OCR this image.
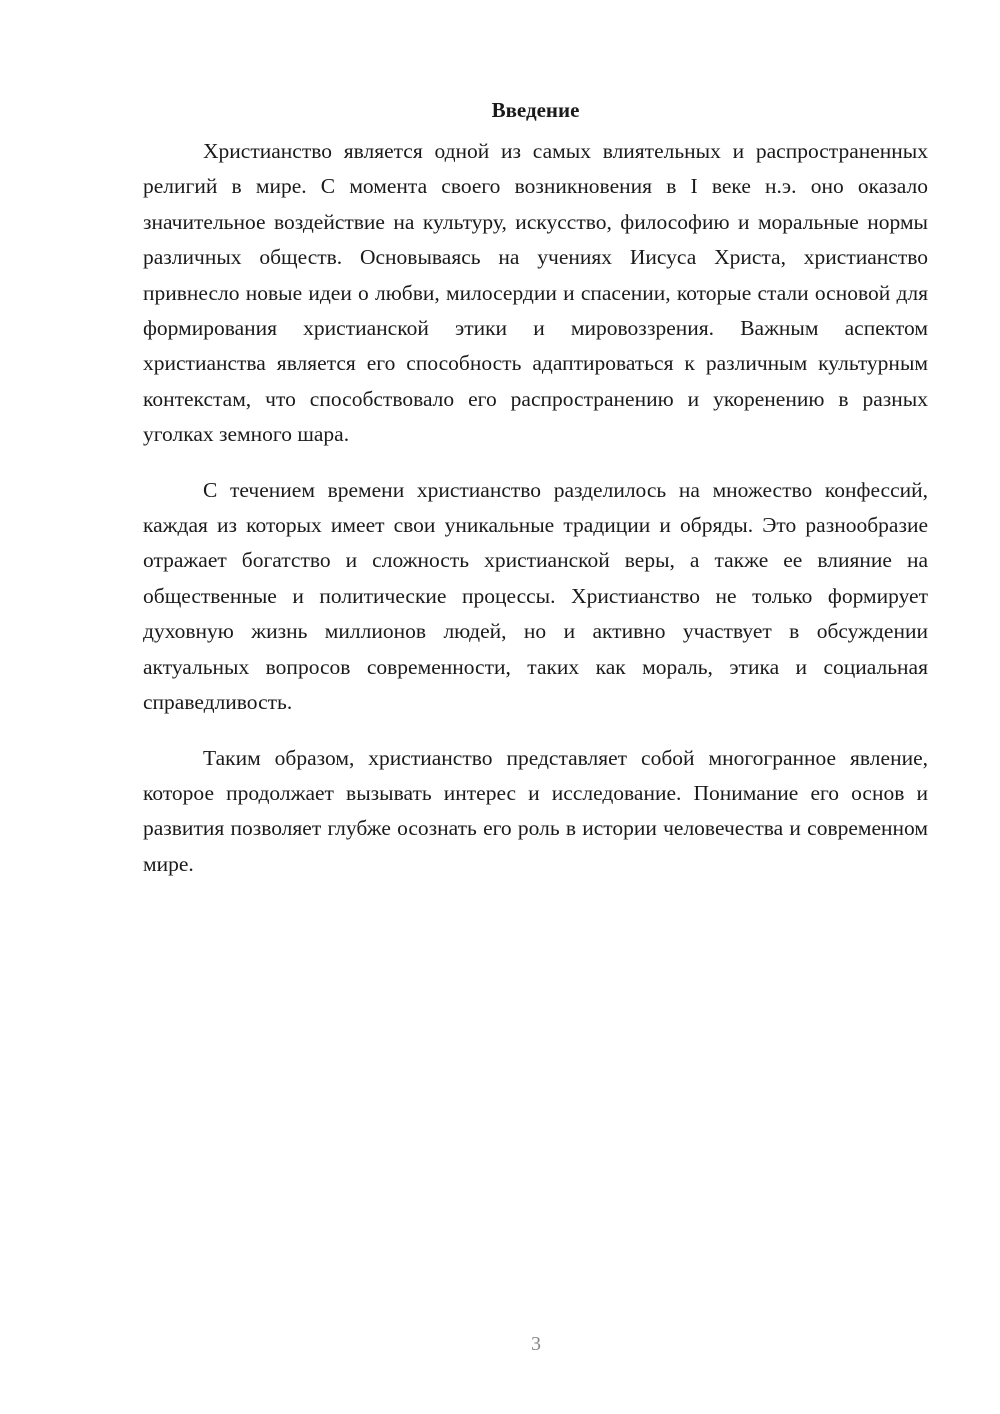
Введение

Христианство является одной из самых влиятельных и распространенных религий в мире. С момента своего возникновения в I веке н.э. оно оказало значительное воздействие на культуру, искусство, философию и моральные нормы различных обществ. Основываясь на учениях Иисуса Христа, христианство привнесло новые идеи о любви, милосердии и спасении, которые стали основой для формирования христианской этики и мировоззрения. Важным аспектом христианства является его способность адаптироваться к различным культурным контекстам, что способствовало его распространению и укоренению в разных уголках земного шара.

С течением времени христианство разделилось на множество конфессий, каждая из которых имеет свои уникальные традиции и обряды. Это разнообразие отражает богатство и сложность христианской веры, а также ее влияние на общественные и политические процессы. Христианство не только формирует духовную жизнь миллионов людей, но и активно участвует в обсуждении актуальных вопросов современности, таких как мораль, этика и социальная справедливость.

Таким образом, христианство представляет собой многогранное явление, которое продолжает вызывать интерес и исследование. Понимание его основ и развития позволяет глубже осознать его роль в истории человечества и современном мире.

3
